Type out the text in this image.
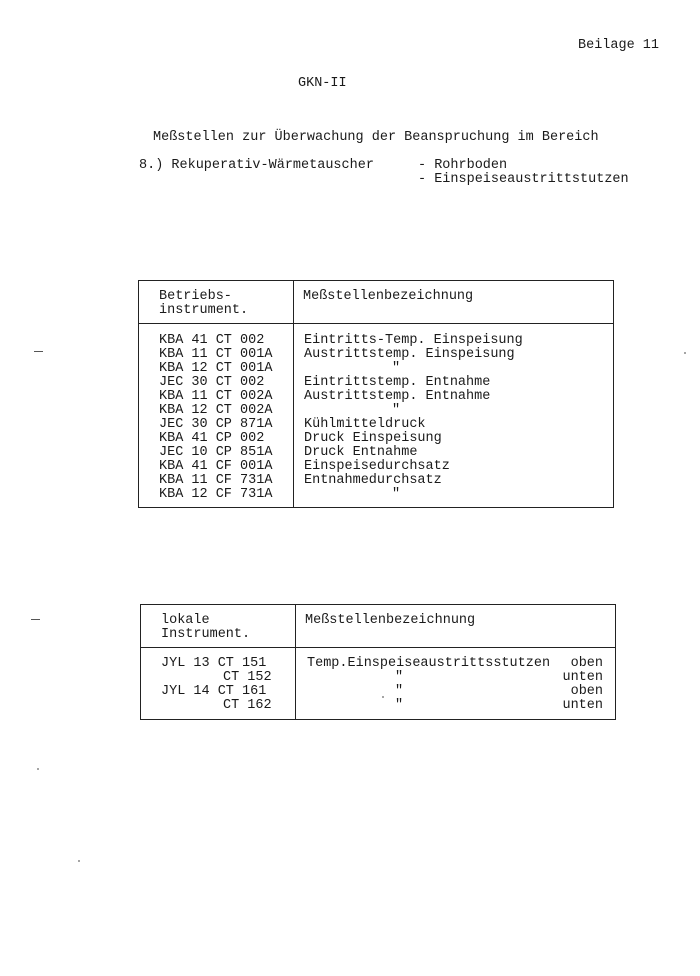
Beilage 11
GKN-II
Meßstellen zur Überwachung der Beanspruchung im Bereich
8.) Rekuperativ-Wärmetauscher	- Rohrboden
- Einspeiseaustrittstutzen
Betriebs-
instrument.
Meßstellenbezeichnung
KBA 41 CT 002
KBA 11 CT 001A
KBA 12 CT 001A
JEC 30 CT 002
KBA 11 CT 002A
KBA 12 CT 002A
JEC 30 CP 871A
KBA 41 CP 002
JEC 10 CP 851A
KBA 41 CF 001A
KBA 11 CF 731A
KBA 12 CF 731A
Eintritts-Temp. Einspeisung
Austrittstemp. Einspeisung
"
Eintrittstemp. Entnahme
Austrittstemp. Entnahme
"
Kühlmitteldruck
Druck Einspeisung
Druck Entnahme
Einspeisedurchsatz
Entnahmedurchsatz
"
lokale
Instrument.
Meßstellenbezeichnung
JYL 13 CT 151
CT 152
JYL 14 CT 161
CT 162
Temp.Einspeiseaustrittsstutzen
"
"
"
oben
unten
oben
unten
